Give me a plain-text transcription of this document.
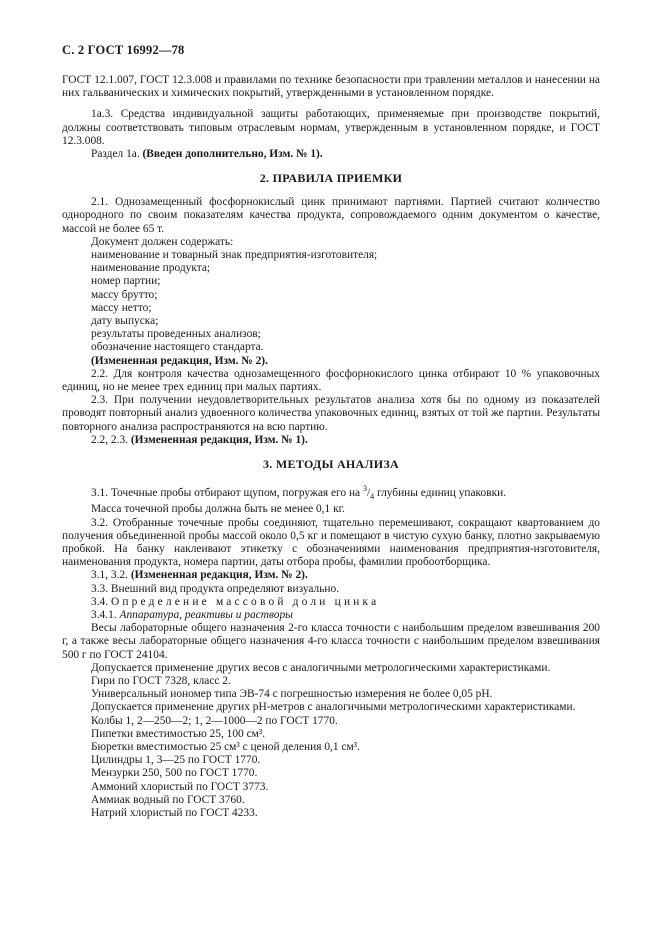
С. 2 ГОСТ 16992—78

ГОСТ 12.1.007, ГОСТ 12.3.008 и правилами по технике безопасности при травлении металлов и нанесении на них гальванических и химических покрытий, утвержденными в установленном порядке.

1а.3. Средства индивидуальной защиты работающих, применяемые при производстве покрытий, должны соответствовать типовым отраслевым нормам, утвержденным в установленном порядке, и ГОСТ 12.3.008.

Раздел 1а. (Введен дополнительно, Изм. № 1).

2. ПРАВИЛА ПРИЕМКИ

2.1. Однозамещенный фосфорнокислый цинк принимают партиями. Партией считают количество однородного по своим показателям качества продукта, сопровождаемого одним документом о качестве, массой не более 65 т.

Документ должен содержать:

наименование и товарный знак предприятия-изготовителя;

наименование продукта;

номер партии;

массу брутто;

массу нетто;

дату выпуска;

результаты проведенных анализов;

обозначение настоящего стандарта.

(Измененная редакция, Изм. № 2).

2.2. Для контроля качества однозамещенного фосфорнокислого цинка отбирают 10 % упаковочных единиц, но не менее трех единиц при малых партиях.

2.3. При получении неудовлетворительных результатов анализа хотя бы по одному из показателей проводят повторный анализ удвоенного количества упаковочных единиц, взятых от той же партии. Результаты повторного анализа распространяются на всю партию.

2.2, 2.3. (Измененная редакция, Изм. № 1).

3. МЕТОДЫ АНАЛИЗА

3.1. Точечные пробы отбирают щупом, погружая его на $^3/_4$ глубины единиц упаковки.

Масса точечной пробы должна быть не менее 0,1 кг.

3.2. Отобранные точечные пробы соединяют, тщательно перемешивают, сокращают квартованием до получения объединенной пробы массой около 0,5 кг и помещают в чистую сухую банку, плотно закрываемую пробкой. На банку наклеивают этикетку с обозначениями наименования предприятия-изготовителя, наименования продукта, номера партии, даты отбора пробы, фамилии пробоотборщика.

3.1, 3.2. (Измененная редакция, Изм. № 2).

3.3. Внешний вид продукта определяют визуально.

3.4. Определение массовой доли цинка

3.4.1. Аппаратура, реактивы и растворы

Весы лабораторные общего назначения 2-го класса точности с наибольшим пределом взвешивания 200 г, а также весы лабораторные общего назначения 4-го класса точности с наибольшим пределом взвешивания 500 г по ГОСТ 24104.

Допускается применение других весов с аналогичными метрологическими характеристиками.

Гири по ГОСТ 7328, класс 2.

Универсальный иономер типа ЭВ-74 с погрешностью измерения не более 0,05 рН.

Допускается применение других рН-метров с аналогичными метрологическими характеристиками.

Колбы 1, 2—250—2; 1, 2—1000—2 по ГОСТ 1770.

Пипетки вместимостью 25, 100 см³.

Бюретки вместимостью 25 см³ с ценой деления 0,1 см³.

Цилиндры 1, 3—25 по ГОСТ 1770.

Мензурки 250, 500 по ГОСТ 1770.

Аммоний хлористый по ГОСТ 3773.

Аммиак водный по ГОСТ 3760.

Натрий хлористый по ГОСТ 4233.
